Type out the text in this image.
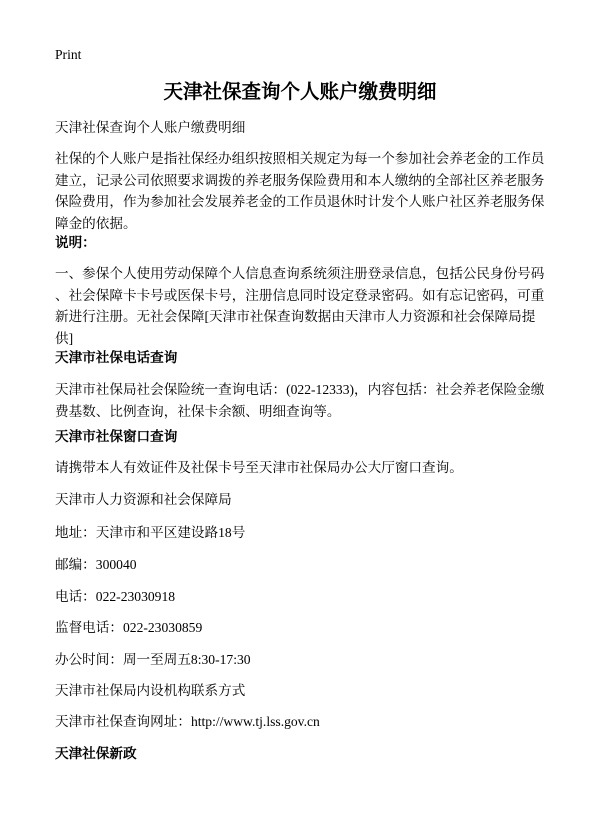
Print
天津社保查询个人账户缴费明细
天津社保查询个人账户缴费明细
社保的个人账户是指社保经办组织按照相关规定为每一个参加社会养老金的工作员
建立，记录公司依照要求调拨的养老服务保险费用和本人缴纳的全部社区养老服务
保险费用，作为参加社会发展养老金的工作员退休时计发个人账户社区养老服务保
障金的依据。
说明：
一、参保个人使用劳动保障个人信息查询系统须注册登录信息，包括公民身份号码
、社会保障卡卡号或医保卡号，注册信息同时设定登录密码。如有忘记密码，可重
新进行注册。无社会保障[天津市社保查询数据由天津市人力资源和社会保障局提
供]
天津市社保电话查询
天津市社保局社会保险统一查询电话：(022-12333)，内容包括：社会养老保险金缴
费基数、比例查询，社保卡余额、明细查询等。
天津市社保窗口查询
请携带本人有效证件及社保卡号至天津市社保局办公大厅窗口查询。
天津市人力资源和社会保障局
地址：天津市和平区建设路18号
邮编：300040
电话：022-23030918
监督电话：022-23030859
办公时间：周一至周五8:30-17:30
天津市社保局内设机构联系方式
天津市社保查询网址：http://www.tj.lss.gov.cn
天津社保新政
